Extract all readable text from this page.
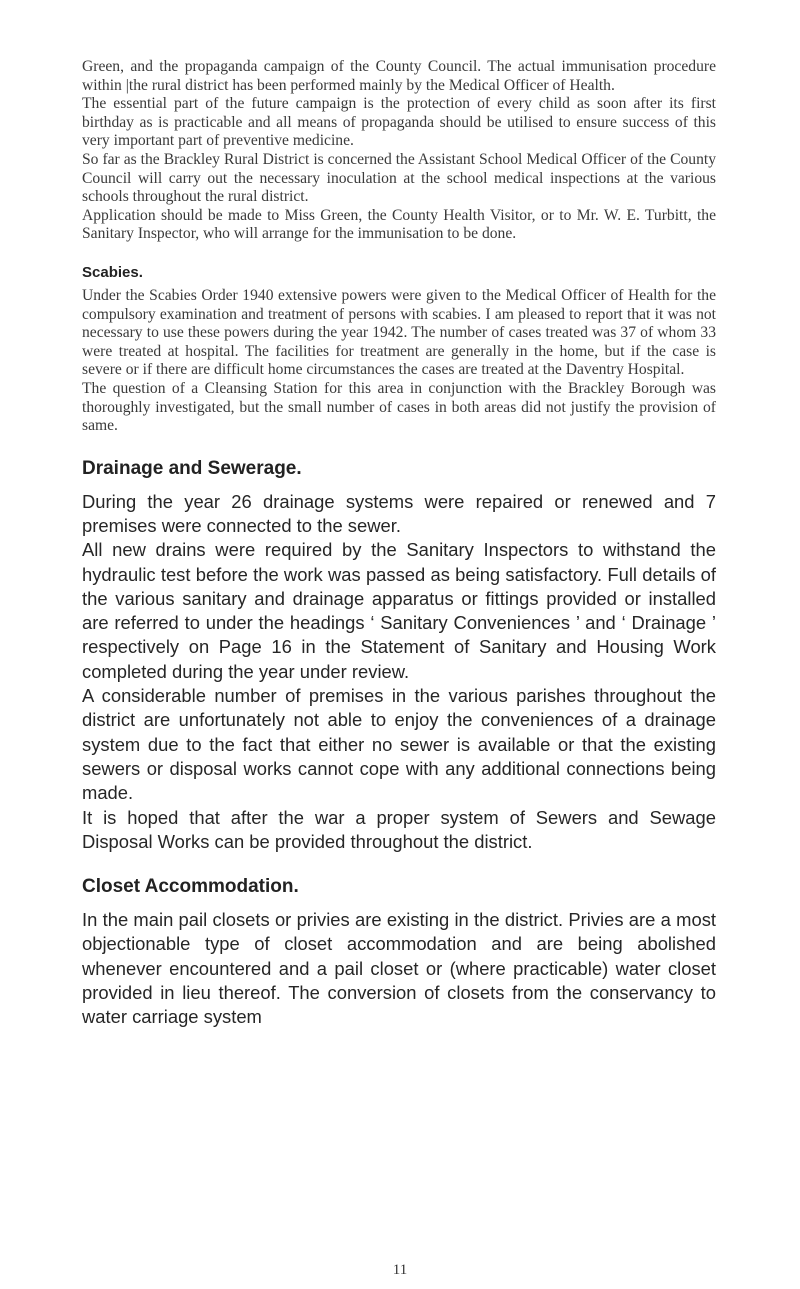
Green, and the propaganda campaign of the County Council. The actual immunisation procedure within |the rural district has been performed mainly by the Medical Officer of Health.

The essential part of the future campaign is the protection of every child as soon after its first birthday as is practicable and all means of propaganda should be utilised to ensure success of this very important part of preventive medicine.

So far as the Brackley Rural District is concerned the Assistant School Medical Officer of the County Council will carry out the necessary inoculation at the school medical inspections at the various schools throughout the rural district.

Application should be made to Miss Green, the County Health Visitor, or to Mr. W. E. Turbitt, the Sanitary Inspector, who will arrange for the immunisation to be done.

Scabies.

Under the Scabies Order 1940 extensive powers were given to the Medical Officer of Health for the compulsory examination and treatment of persons with scabies. I am pleased to report that it was not necessary to use these powers during the year 1942. The number of cases treated was 37 of whom 33 were treated at hospital. The facilities for treatment are generally in the home, but if the case is severe or if there are difficult home circumstances the cases are treated at the Daventry Hospital.

The question of a Cleansing Station for this area in conjunction with the Brackley Borough was thoroughly investigated, but the small number of cases in both areas did not justify the provision of same.

Drainage and Sewerage.

During the year 26 drainage systems were repaired or renewed and 7 premises were connected to the sewer.

All new drains were required by the Sanitary Inspectors to withstand the hydraulic test before the work was passed as being satisfactory. Full details of the various sanitary and drainage apparatus or fittings provided or installed are referred to under the headings ‘ Sanitary Conveniences ’ and ‘ Drainage ’ respectively on Page 16 in the Statement of Sanitary and Housing Work completed during the year under review.

A considerable number of premises in the various parishes throughout the district are unfortunately not able to enjoy the conveniences of a drainage system due to the fact that either no sewer is available or that the existing sewers or disposal works cannot cope with any additional connections being made.

It is hoped that after the war a proper system of Sewers and Sewage Disposal Works can be provided throughout the district.

Closet Accommodation.

In the main pail closets or privies are existing in the district. Privies are a most objectionable type of closet accommodation and are being abolished whenever encountered and a pail closet or (where practicable) water closet provided in lieu thereof. The conversion of closets from the conservancy to water carriage system

11
